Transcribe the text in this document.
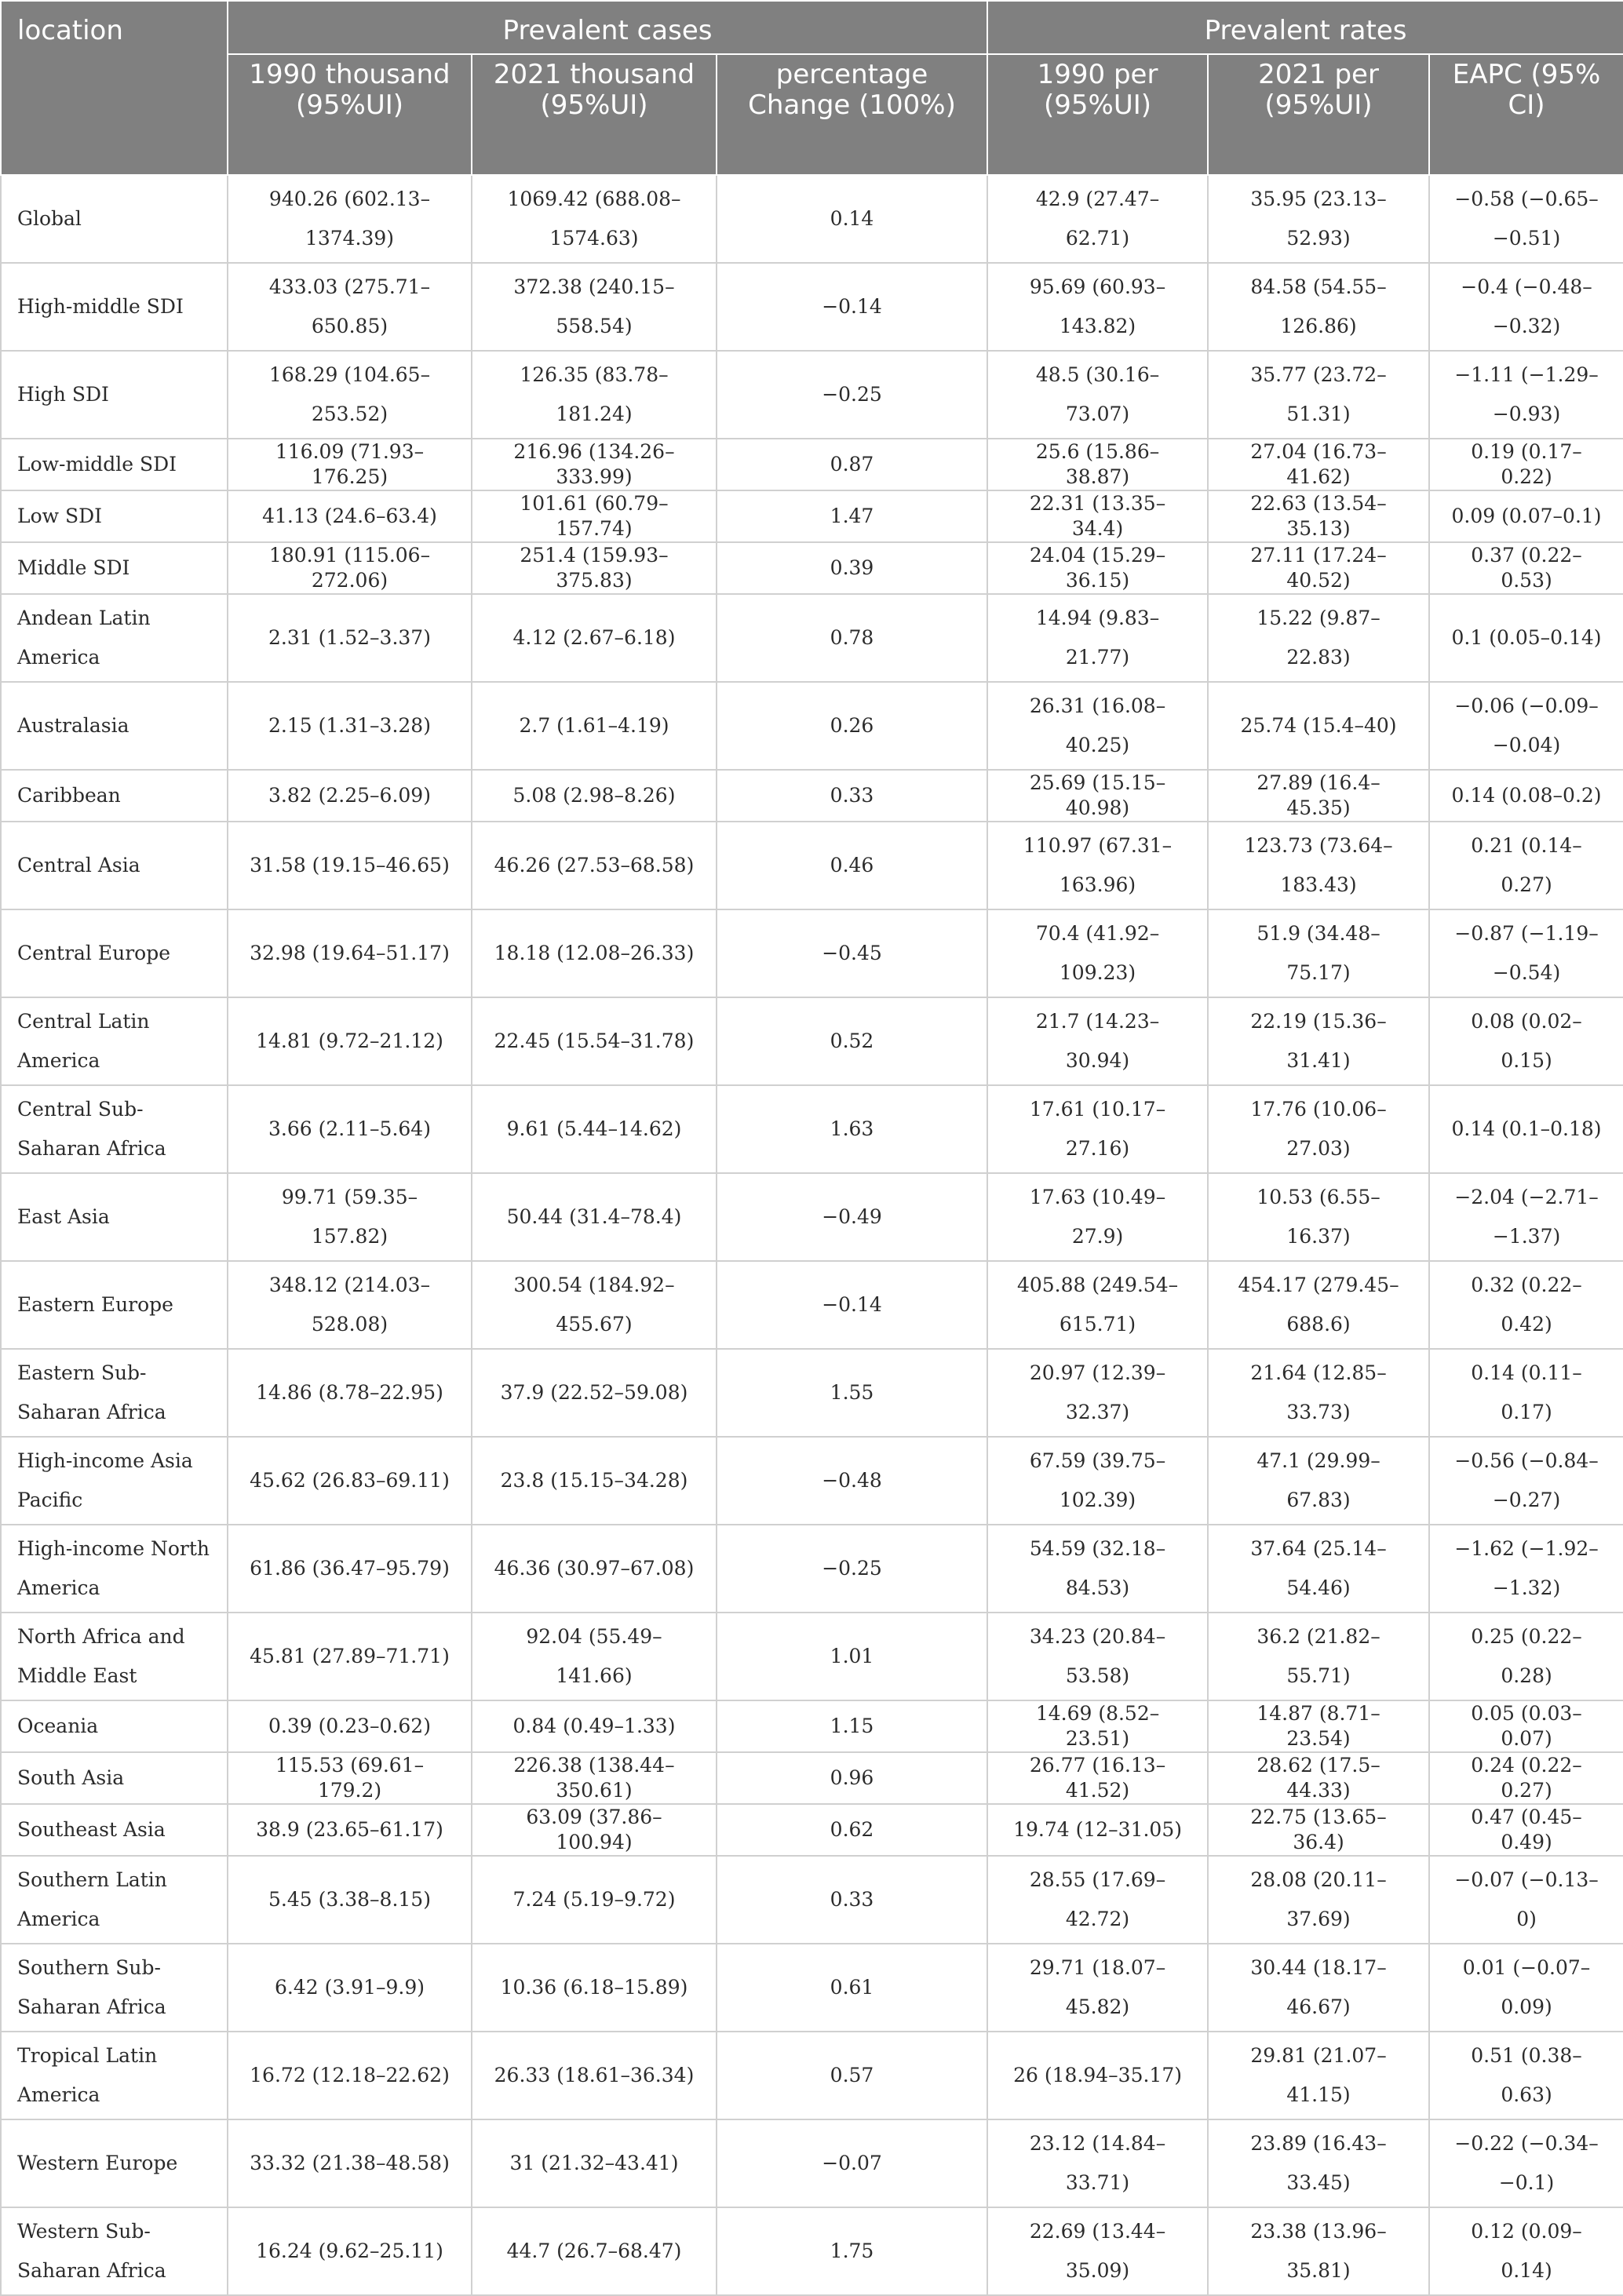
location	Prevalent cases			Prevalent rates		
	1990 thousand (95%UI)	2021 thousand (95%UI)	percentage Change (100%)	1990 per (95%UI)	2021 per (95%UI)	EAPC (95% CI)
Global	940.26 (602.13–1374.39)	1069.42 (688.08–1574.63)	0.14	42.9 (27.47–62.71)	35.95 (23.13–52.93)	−0.58 (−0.65–−0.51)
High-middle SDI	433.03 (275.71–650.85)	372.38 (240.15–558.54)	−0.14	95.69 (60.93–143.82)	84.58 (54.55–126.86)	−0.4 (−0.48–−0.32)
High SDI	168.29 (104.65–253.52)	126.35 (83.78–181.24)	−0.25	48.5 (30.16–73.07)	35.77 (23.72–51.31)	−1.11 (−1.29–−0.93)
Low-middle SDI	116.09 (71.93–176.25)	216.96 (134.26–333.99)	0.87	25.6 (15.86–38.87)	27.04 (16.73–41.62)	0.19 (0.17–0.22)
Low SDI	41.13 (24.6–63.4)	101.61 (60.79–157.74)	1.47	22.31 (13.35–34.4)	22.63 (13.54–35.13)	0.09 (0.07–0.1)
Middle SDI	180.91 (115.06–272.06)	251.4 (159.93–375.83)	0.39	24.04 (15.29–36.15)	27.11 (17.24–40.52)	0.37 (0.22–0.53)
Andean Latin America	2.31 (1.52–3.37)	4.12 (2.67–6.18)	0.78	14.94 (9.83–21.77)	15.22 (9.87–22.83)	0.1 (0.05–0.14)
Australasia	2.15 (1.31–3.28)	2.7 (1.61–4.19)	0.26	26.31 (16.08–40.25)	25.74 (15.4–40)	−0.06 (−0.09–−0.04)
Caribbean	3.82 (2.25–6.09)	5.08 (2.98–8.26)	0.33	25.69 (15.15–40.98)	27.89 (16.4–45.35)	0.14 (0.08–0.2)
Central Asia	31.58 (19.15–46.65)	46.26 (27.53–68.58)	0.46	110.97 (67.31–163.96)	123.73 (73.64–183.43)	0.21 (0.14–0.27)
Central Europe	32.98 (19.64–51.17)	18.18 (12.08–26.33)	−0.45	70.4 (41.92–109.23)	51.9 (34.48–75.17)	−0.87 (−1.19–−0.54)
Central Latin America	14.81 (9.72–21.12)	22.45 (15.54–31.78)	0.52	21.7 (14.23–30.94)	22.19 (15.36–31.41)	0.08 (0.02–0.15)
Central Sub-Saharan Africa	3.66 (2.11–5.64)	9.61 (5.44–14.62)	1.63	17.61 (10.17–27.16)	17.76 (10.06–27.03)	0.14 (0.1–0.18)
East Asia	99.71 (59.35–157.82)	50.44 (31.4–78.4)	−0.49	17.63 (10.49–27.9)	10.53 (6.55–16.37)	−2.04 (−2.71–−1.37)
Eastern Europe	348.12 (214.03–528.08)	300.54 (184.92–455.67)	−0.14	405.88 (249.54–615.71)	454.17 (279.45–688.6)	0.32 (0.22–0.42)
Eastern Sub-Saharan Africa	14.86 (8.78–22.95)	37.9 (22.52–59.08)	1.55	20.97 (12.39–32.37)	21.64 (12.85–33.73)	0.14 (0.11–0.17)
High-income Asia Pacific	45.62 (26.83–69.11)	23.8 (15.15–34.28)	−0.48	67.59 (39.75–102.39)	47.1 (29.99–67.83)	−0.56 (−0.84–−0.27)
High-income North America	61.86 (36.47–95.79)	46.36 (30.97–67.08)	−0.25	54.59 (32.18–84.53)	37.64 (25.14–54.46)	−1.62 (−1.92–−1.32)
North Africa and Middle East	45.81 (27.89–71.71)	92.04 (55.49–141.66)	1.01	34.23 (20.84–53.58)	36.2 (21.82–55.71)	0.25 (0.22–0.28)
Oceania	0.39 (0.23–0.62)	0.84 (0.49–1.33)	1.15	14.69 (8.52–23.51)	14.87 (8.71–23.54)	0.05 (0.03–0.07)
South Asia	115.53 (69.61–179.2)	226.38 (138.44–350.61)	0.96	26.77 (16.13–41.52)	28.62 (17.5–44.33)	0.24 (0.22–0.27)
Southeast Asia	38.9 (23.65–61.17)	63.09 (37.86–100.94)	0.62	19.74 (12–31.05)	22.75 (13.65–36.4)	0.47 (0.45–0.49)
Southern Latin America	5.45 (3.38–8.15)	7.24 (5.19–9.72)	0.33	28.55 (17.69–42.72)	28.08 (20.11–37.69)	−0.07 (−0.13–0)
Southern Sub-Saharan Africa	6.42 (3.91–9.9)	10.36 (6.18–15.89)	0.61	29.71 (18.07–45.82)	30.44 (18.17–46.67)	0.01 (−0.07–0.09)
Tropical Latin America	16.72 (12.18–22.62)	26.33 (18.61–36.34)	0.57	26 (18.94–35.17)	29.81 (21.07–41.15)	0.51 (0.38–0.63)
Western Europe	33.32 (21.38–48.58)	31 (21.32–43.41)	−0.07	23.12 (14.84–33.71)	23.89 (16.43–33.45)	−0.22 (−0.34–−0.1)
Western Sub-Saharan Africa	16.24 (9.62–25.11)	44.7 (26.7–68.47)	1.75	22.69 (13.44–35.09)	23.38 (13.96–35.81)	0.12 (0.09–0.14)
